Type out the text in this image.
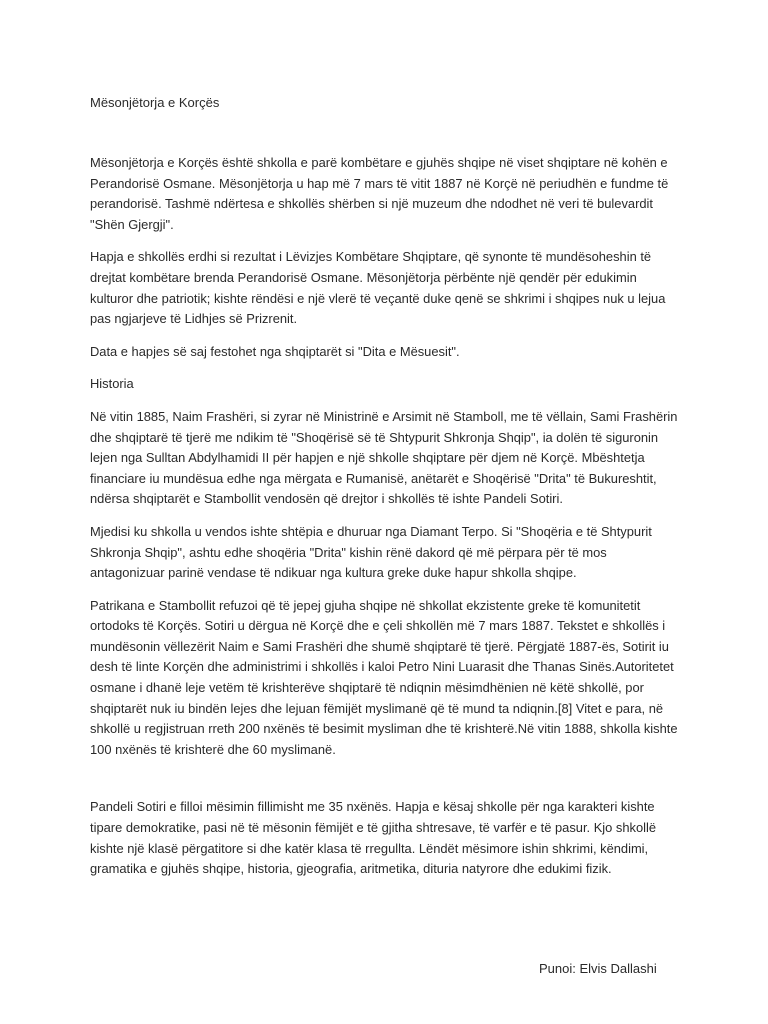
Mësonjëtorja e Korçës

Mësonjëtorja e Korçës është shkolla e parë kombëtare e gjuhës shqipe në viset shqiptare në kohën e Perandorisë Osmane. Mësonjëtorja u hap më 7 mars të vitit 1887 në Korçë në periudhën e fundme të perandorisë. Tashmë ndërtesa e shkollës shërben si një muzeum dhe ndodhet në veri të bulevardit "Shën Gjergji".

Hapja e shkollës erdhi si rezultat i Lëvizjes Kombëtare Shqiptare, që synonte të mundësoheshin të drejtat kombëtare brenda Perandorisë Osmane. Mësonjëtorja përbënte një qendër për edukimin kulturor dhe patriotik; kishte rëndësi e një vlerë të veçantë duke qenë se shkrimi i shqipes nuk u lejua pas ngjarjeve të Lidhjes së Prizrenit.

Data e hapjes së saj festohet nga shqiptarët si "Dita e Mësuesit".

Historia

Në vitin 1885, Naim Frashëri, si zyrar në Ministrinë e Arsimit në Stamboll, me të vëllain, Sami Frashërin dhe shqiptarë të tjerë me ndikim të "Shoqërisë së të Shtypurit Shkronja Shqip", ia dolën të siguronin lejen nga Sulltan Abdylhamidi II për hapjen e një shkolle shqiptare për djem në Korçë. Mbështetja financiare iu mundësua edhe nga mërgata e Rumanisë, anëtarët e Shoqërisë "Drita" të Bukureshtit, ndërsa shqiptarët e Stambollit vendosën që drejtor i shkollës të ishte Pandeli Sotiri.

Mjedisi ku shkolla u vendos ishte shtëpia e dhuruar nga Diamant Terpo. Si "Shoqëria e të Shtypurit Shkronja Shqip", ashtu edhe shoqëria "Drita" kishin rënë dakord që më përpara për të mos antagonizuar parinë vendase të ndikuar nga kultura greke duke hapur shkolla shqipe.

Patrikana e Stambollit refuzoi që të jepej gjuha shqipe në shkollat ekzistente greke të komunitetit ortodoks të Korçës. Sotiri u dërgua në Korçë dhe e çeli shkollën më 7 mars 1887. Tekstet e shkollës i mundësonin vëllezërit Naim e Sami Frashëri dhe shumë shqiptarë të tjerë. Përgjatë 1887-ës, Sotirit iu desh të linte Korçën dhe administrimi i shkollës i kaloi Petro Nini Luarasit dhe Thanas Sinës.Autoritetet osmane i dhanë leje vetëm të krishterëve shqiptarë të ndiqnin mësimdhënien në këtë shkollë, por shqiptarët nuk iu bindën lejes dhe lejuan fëmijët myslimanë që të mund ta ndiqnin.[8] Vitet e para, në shkollë u regjistruan rreth 200 nxënës të besimit mysliman dhe të krishterë.Në vitin 1888, shkolla kishte 100 nxënës të krishterë dhe 60 myslimanë.

Pandeli Sotiri e filloi mësimin fillimisht me 35 nxënës. Hapja e kësaj shkolle për nga karakteri kishte tipare demokratike, pasi në të mësonin fëmijët e të gjitha shtresave, të varfër e të pasur. Kjo shkollë kishte një klasë përgatitore si dhe katër klasa të rregullta. Lëndët mësimore ishin shkrimi, këndimi, gramatika e gjuhës shqipe, historia, gjeografia, aritmetika, dituria natyrore dhe edukimi fizik.

Punoi: Elvis Dallashi
